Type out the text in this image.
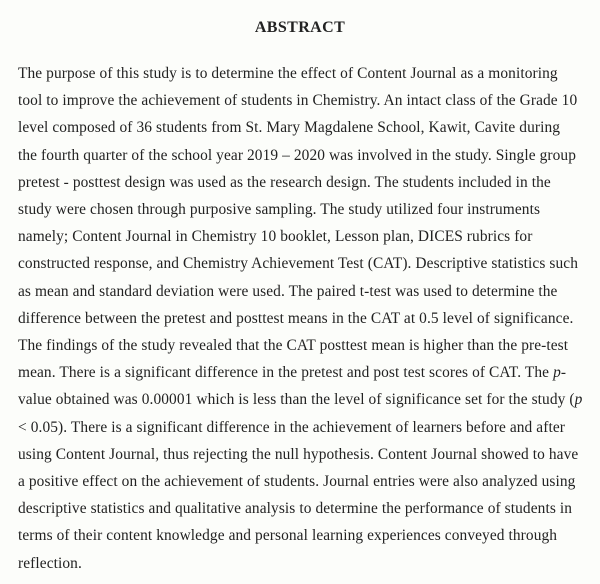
ABSTRACT
The purpose of this study is to determine the effect of Content Journal as a monitoring
tool to improve the achievement of students in Chemistry. An intact class of the Grade 10
level composed of 36 students from St. Mary Magdalene School, Kawit, Cavite during
the fourth quarter of the school year 2019 – 2020 was involved in the study. Single group
pretest - posttest design was used as the research design. The students included in the
study were chosen through purposive sampling. The study utilized four instruments
namely; Content Journal in Chemistry 10 booklet, Lesson plan, DICES rubrics for
constructed response, and Chemistry Achievement Test (CAT). Descriptive statistics such
as mean and standard deviation were used. The paired t-test was used to determine the
difference between the pretest and posttest means in the CAT at 0.5 level of significance.
The findings of the study revealed that the CAT posttest mean is higher than the pre-test
mean. There is a significant difference in the pretest and post test scores of CAT. The p-
value obtained was 0.00001 which is less than the level of significance set for the study (p
< 0.05). There is a significant difference in the achievement of learners before and after
using Content Journal, thus rejecting the null hypothesis. Content Journal showed to have
a positive effect on the achievement of students. Journal entries were also analyzed using
descriptive statistics and qualitative analysis to determine the performance of students in
terms of their content knowledge and personal learning experiences conveyed through
reflection.
